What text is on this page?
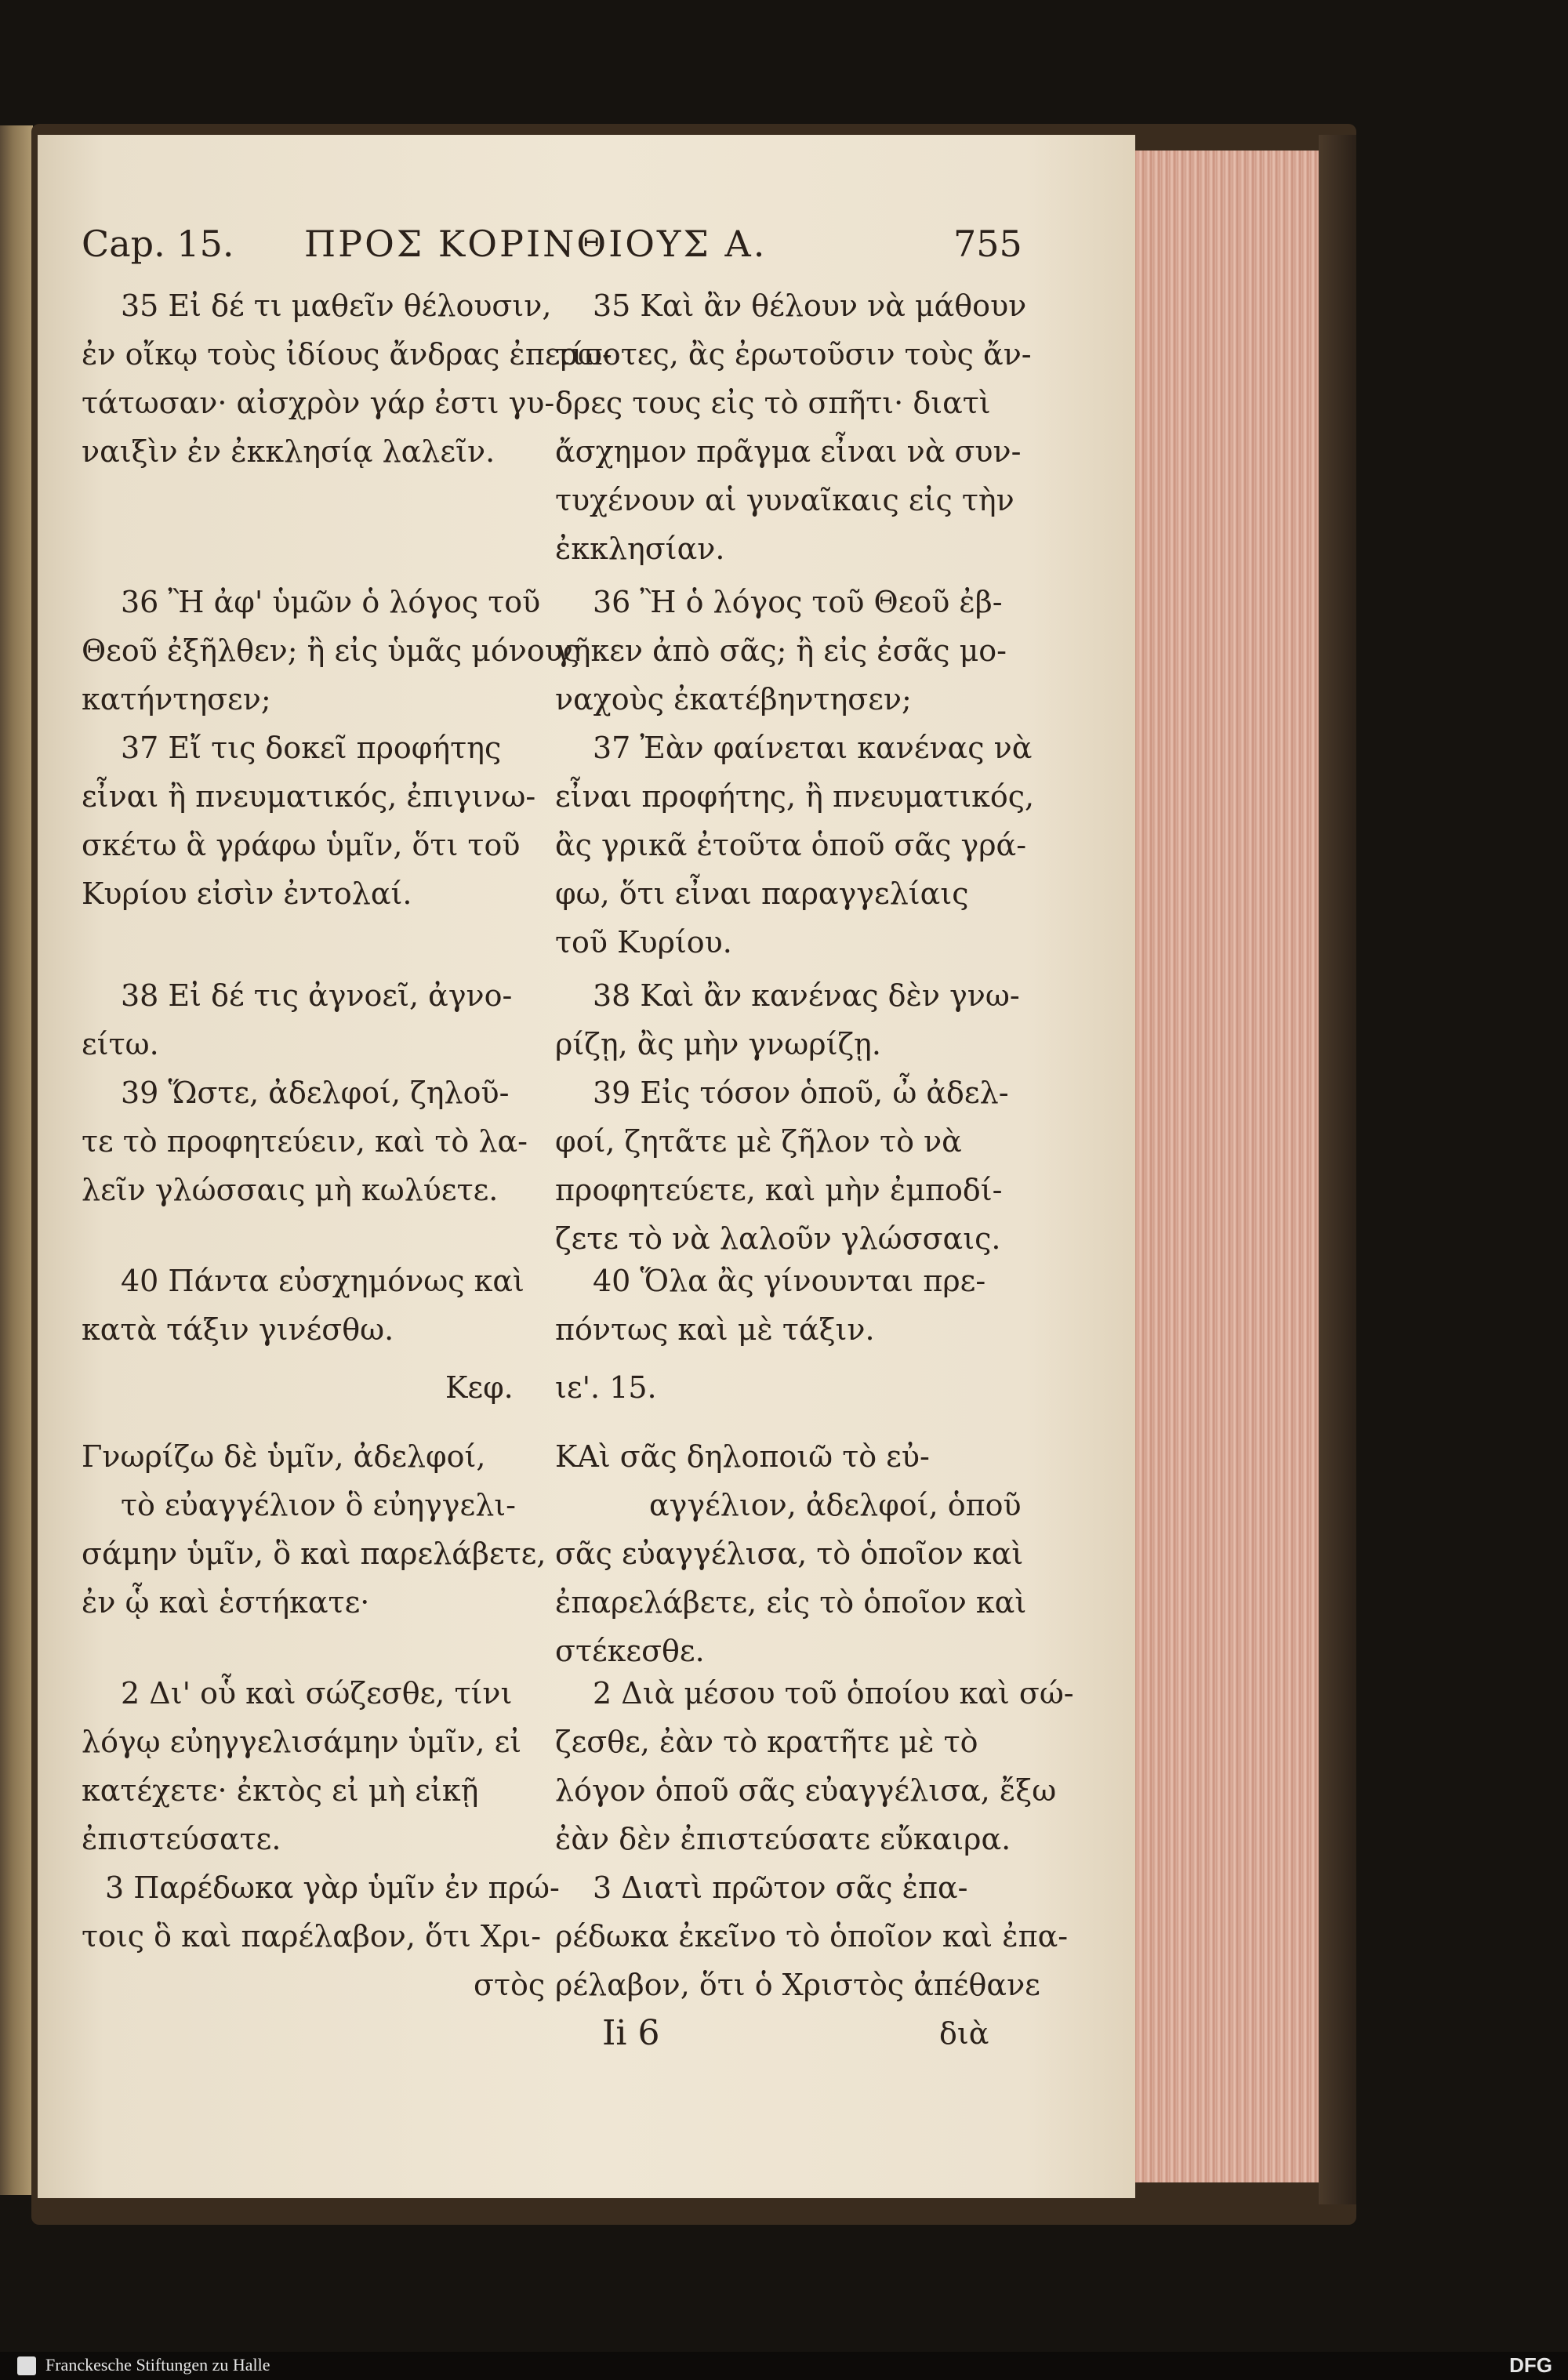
Cap. 15. ΠΡΟΣ ΚΟΡΙΝΘΙΟΥΣ Α.	755
35 Εἰ δέ τι μαθεῖν θέλουσιν,
ἐν οἴκῳ τοὺς ἰδίους ἄνδρας ἐπερω-
τάτωσαν· αἰσχρὸν γάρ ἐστι γυ-
ναιξὶν ἐν ἐκκλησίᾳ λαλεῖν.
36 Ἢ ἀφ' ὑμῶν ὁ λόγος τοῦ
Θεοῦ ἐξῆλθεν; ἢ εἰς ὑμᾶς μόνους
κατήντησεν;
37 Εἴ τις δοκεῖ προφήτης
εἶναι ἢ πνευματικός, ἐπιγινω-
σκέτω ἃ γράφω ὑμῖν, ὅτι τοῦ
Κυρίου εἰσὶν ἐντολαί.
38 Εἰ δέ τις ἀγνοεῖ, ἀγνο-
είτω.
39 Ὥστε, ἀδελφοί, ζηλοῦ-
τε τὸ προφητεύειν, καὶ τὸ λα-
λεῖν γλώσσαις μὴ κωλύετε.
40 Πάντα εὐσχημόνως καὶ
κατὰ τάξιν γινέσθω.
Κεφ.
Γνωρίζω δὲ ὑμῖν, ἀδελφοί,
τὸ εὐαγγέλιον ὃ εὐηγγελι-
σάμην ὑμῖν, ὃ καὶ παρελάβετε,
ἐν ᾧ καὶ ἑστήκατε·
2 Δι' οὗ καὶ σώζεσθε, τίνι
λόγῳ εὐηγγελισάμην ὑμῖν, εἰ
κατέχετε· ἐκτὸς εἰ μὴ εἰκῇ
ἐπιστεύσατε.
3 Παρέδωκα γὰρ ὑμῖν ἐν πρώ-
τοις ὃ καὶ παρέλαβον, ὅτι Χρι-
στὸς
35 Καὶ ἂν θέλουν νὰ μάθουν
τίποτες, ἂς ἐρωτοῦσιν τοὺς ἄν-
δρες τους εἰς τὸ σπῆτι· διατὶ
ἄσχημον πρᾶγμα εἶναι νὰ συν-
τυχένουν αἱ γυναῖκαις εἰς τὴν
ἐκκλησίαν.
36 Ἢ ὁ λόγος τοῦ Θεοῦ ἐβ-
γῆκεν ἀπὸ σᾶς; ἢ εἰς ἐσᾶς μο-
ναχοὺς ἐκατέβηντησεν;
37 Ἐὰν φαίνεται κανένας νὰ
εἶναι προφήτης, ἢ πνευματικός,
ἂς γρικᾶ ἐτοῦτα ὁποῦ σᾶς γρά-
φω, ὅτι εἶναι παραγγελίαις
τοῦ Κυρίου.
38 Καὶ ἂν κανένας δὲν γνω-
ρίζῃ, ἂς μὴν γνωρίζῃ.
39 Εἰς τόσον ὁποῦ, ὦ ἀδελ-
φοί, ζητᾶτε μὲ ζῆλον τὸ νὰ
προφητεύετε, καὶ μὴν ἐμποδί-
ζετε τὸ νὰ λαλοῦν γλώσσαις.
40 Ὅλα ἂς γίνουνται πρε-
πόντως καὶ μὲ τάξιν.
ιε'. 15.
ΚΑὶ σᾶς δηλοποιῶ τὸ εὐ-
αγγέλιον, ἀδελφοί, ὁποῦ
σᾶς εὐαγγέλισα, τὸ ὁποῖον καὶ
ἐπαρελάβετε, εἰς τὸ ὁποῖον καὶ
στέκεσθε.
2 Διὰ μέσου τοῦ ὁποίου καὶ σώ-
ζεσθε, ἐὰν τὸ κρατῆτε μὲ τὸ
λόγον ὁποῦ σᾶς εὐαγγέλισα, ἔξω
ἐὰν δὲν ἐπιστεύσατε εὔκαιρα.
3 Διατὶ πρῶτον σᾶς ἐπα-
ρέδωκα ἐκεῖνο τὸ ὁποῖον καὶ ἐπα-
ρέλαβον, ὅτι ὁ Χριστὸς ἀπέθανε
διὰ
Ii 6
Franckesche Stiftungen zu Halle	DFG
